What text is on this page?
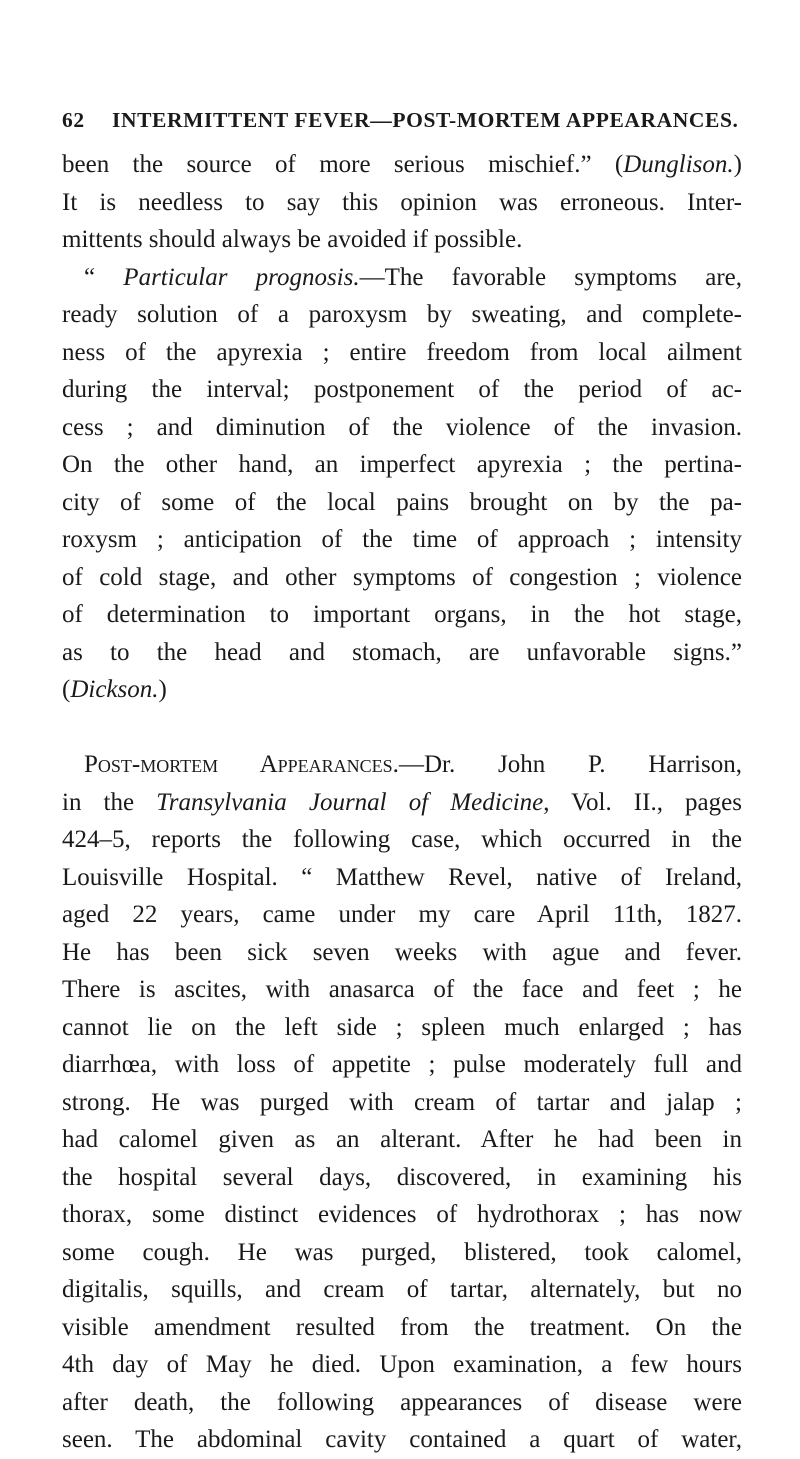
62 INTERMITTENT FEVER—POST-MORTEM APPEARANCES.
been the source of more serious mischief.” (Dunglison.)
It is needless to say this opinion was erroneous. Inter-
mittents should always be avoided if possible.
“ Particular prognosis.—The favorable symptoms are,
ready solution of a paroxysm by sweating, and complete-
ness of the apyrexia ; entire freedom from local ailment
during the interval; postponement of the period of ac-
cess ; and diminution of the violence of the invasion.
On the other hand, an imperfect apyrexia ; the pertina-
city of some of the local pains brought on by the pa-
roxysm ; anticipation of the time of approach ; intensity
of cold stage, and other symptoms of congestion ; violence
of determination to important organs, in the hot stage,
as to the head and stomach, are unfavorable signs.”
(Dickson.)
Post-mortem Appearances.—Dr. John P. Harrison,
in the Transylvania Journal of Medicine, Vol. II., pages
424–5, reports the following case, which occurred in the
Louisville Hospital. “ Matthew Revel, native of Ireland,
aged 22 years, came under my care April 11th, 1827.
He has been sick seven weeks with ague and fever.
There is ascites, with anasarca of the face and feet ; he
cannot lie on the left side ; spleen much enlarged ; has
diarrhœa, with loss of appetite ; pulse moderately full and
strong. He was purged with cream of tartar and jalap ;
had calomel given as an alterant. After he had been in
the hospital several days, discovered, in examining his
thorax, some distinct evidences of hydrothorax ; has now
some cough. He was purged, blistered, took calomel,
digitalis, squills, and cream of tartar, alternately, but no
visible amendment resulted from the treatment. On the
4th day of May he died. Upon examination, a few hours
after death, the following appearances of disease were
seen. The abdominal cavity contained a quart of water,
